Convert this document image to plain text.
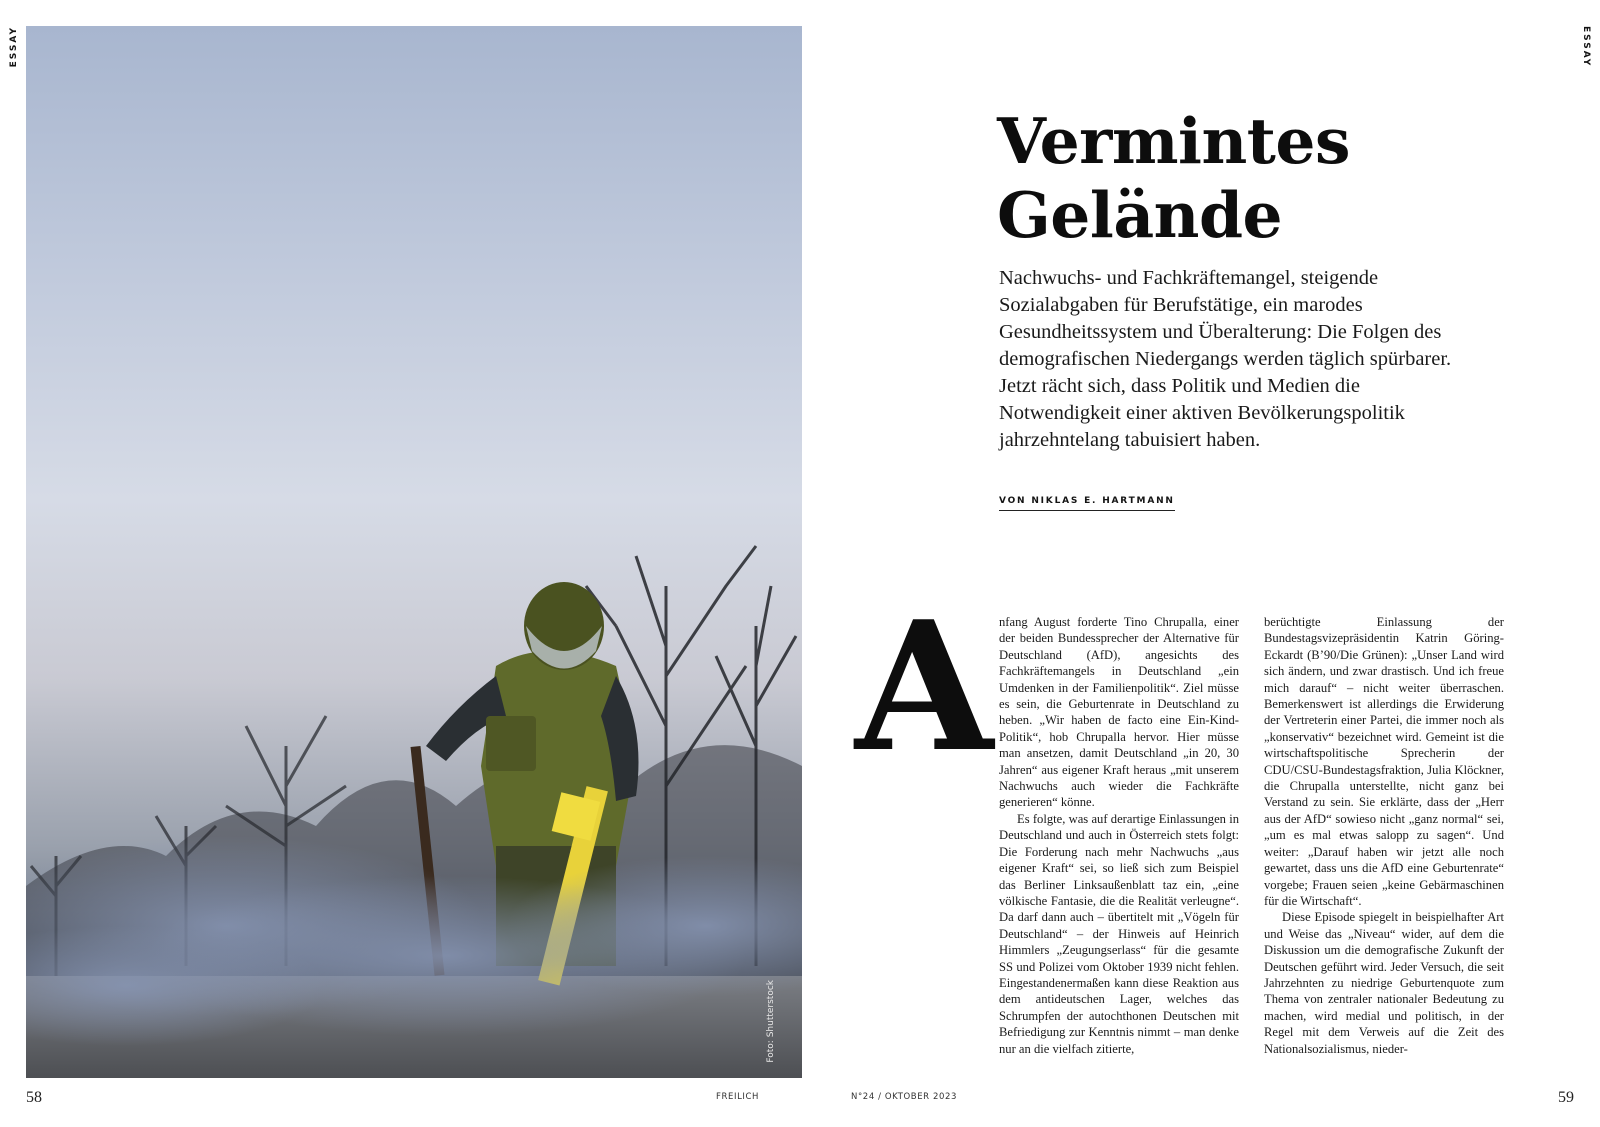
ESSAY	ESSAY
Foto: Shutterstock
Vermintes
Gelände

Nachwuchs- und Fachkräftemangel, steigende Sozialabgaben für Berufstätige, ein marodes Gesundheitssystem und Überalterung: Die Folgen des demografischen Niedergangs werden täglich spürbarer. Jetzt rächt sich, dass Politik und Medien die Notwendigkeit einer aktiven Bevölkerungspolitik jahrzehntelang tabuisiert haben.

VON NIKLAS E. HARTMANN
A nfang August forderte Tino Chrupalla, einer der beiden Bundessprecher der Alternative für Deutschland (AfD), angesichts des Fachkräftemangels in Deutschland „ein Umdenken in der Familienpolitik“. Ziel müsse es sein, die Geburtenrate in Deutschland zu heben. „Wir haben de facto eine Ein-Kind-Politik“, hob Chrupalla hervor. Hier müsse man ansetzen, damit Deutschland „in 20, 30 Jahren“ aus eigener Kraft heraus „mit unserem Nachwuchs auch wieder die Fachkräfte generieren“ könne.

Es folgte, was auf derartige Einlassungen in Deutschland und auch in Österreich stets folgt: Die Forderung nach mehr Nachwuchs „aus eigener Kraft“ sei, so ließ sich zum Beispiel das Berliner Linksaußenblatt taz ein, „eine völkische Fantasie, die die Realität verleugne“. Da darf dann auch – übertitelt mit „Vögeln für Deutschland“ – der Hinweis auf Heinrich Himmlers „Zeugungserlass“ für die gesamte SS und Polizei vom Oktober 1939 nicht fehlen. Eingestandenermaßen kann diese Reaktion aus dem antideutschen Lager, welches das Schrumpfen der autochthonen Deutschen mit Befriedigung zur Kenntnis nimmt – man denke nur an die vielfach zitierte,

berüchtigte Einlassung der Bundestagsvizepräsidentin Katrin Göring-Eckardt (B’90/Die Grünen): „Unser Land wird sich ändern, und zwar drastisch. Und ich freue mich darauf“ – nicht weiter überraschen. Bemerkenswert ist allerdings die Erwiderung der Vertreterin einer Partei, die immer noch als „konservativ“ bezeichnet wird. Gemeint ist die wirtschaftspolitische Sprecherin der CDU/CSU-Bundestagsfraktion, Julia Klöckner, die Chrupalla unterstellte, nicht ganz bei Verstand zu sein. Sie erklärte, dass der „Herr aus der AfD“ sowieso nicht „ganz normal“ sei, „um es mal etwas salopp zu sagen“. Und weiter: „Darauf haben wir jetzt alle noch gewartet, dass uns die AfD eine Geburtenrate“ vorgebe; Frauen seien „keine Gebärmaschinen für die Wirtschaft“.

Diese Episode spiegelt in beispielhafter Art und Weise das „Niveau“ wider, auf dem die Diskussion um die demografische Zukunft der Deutschen geführt wird. Jeder Versuch, die seit Jahrzehnten zu niedrige Geburtenquote zum Thema von zentraler nationaler Bedeutung zu machen, wird medial und politisch, in der Regel mit dem Verweis auf die Zeit des Nationalsozialismus, nieder-

58	FREILICH	N°24 / OKTOBER 2023	59
